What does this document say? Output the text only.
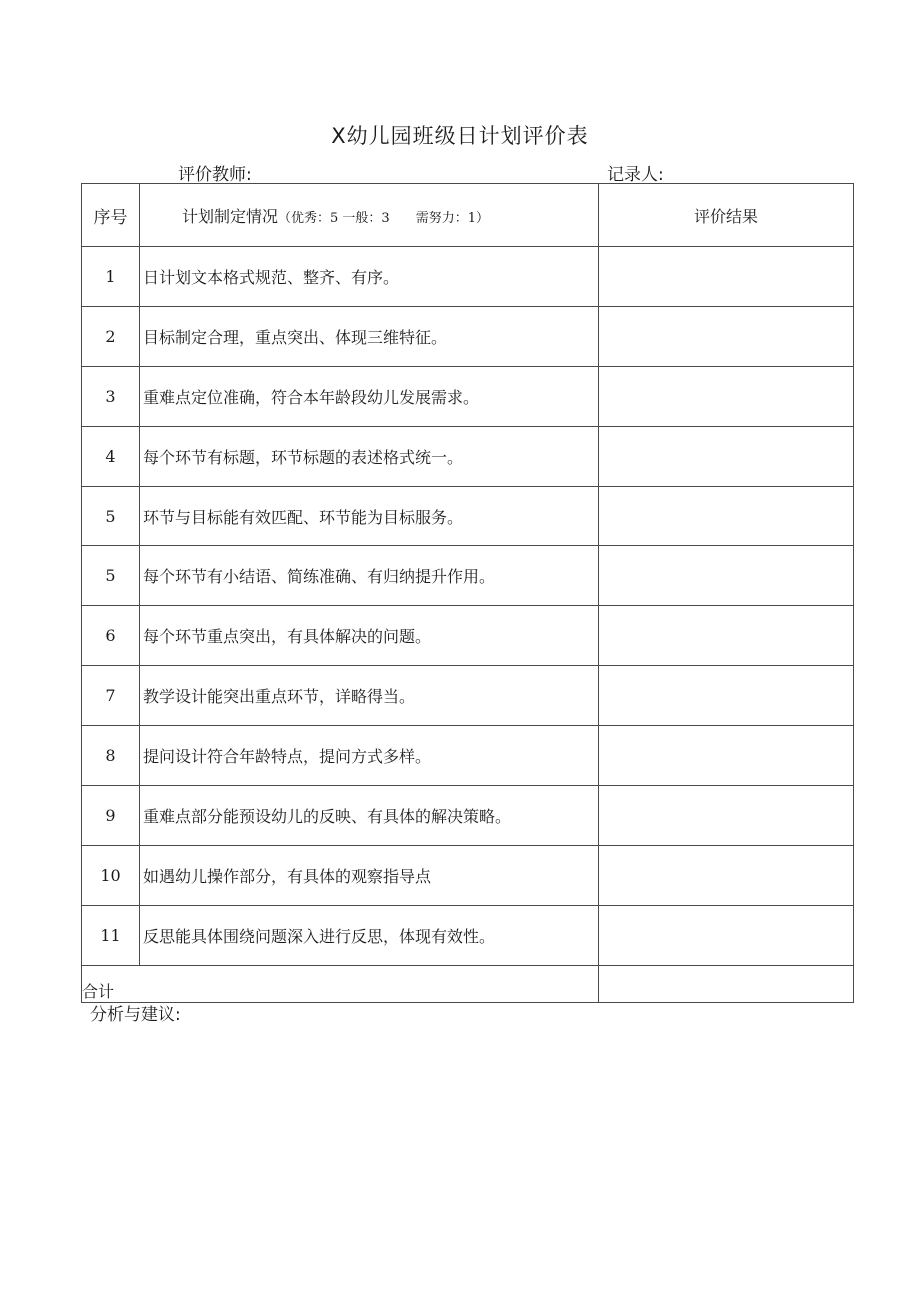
X幼儿园班级日计划评价表
评价教师:	记录人:
序号	计划制定情况（优秀：5 一般：3　　需努力：1）	评价结果
1	日计划文本格式规范、整齐、有序。	
2	目标制定合理，重点突出、体现三维特征。	
3	重难点定位准确，符合本年龄段幼儿发展需求。	
4	每个环节有标题，环节标题的表述格式统一。	
5	环节与目标能有效匹配、环节能为目标服务。	
5	每个环节有小结语、简练准确、有归纳提升作用。	
6	每个环节重点突出，有具体解决的问题。	
7	教学设计能突出重点环节，详略得当。	
8	提问设计符合年龄特点，提问方式多样。	
9	重难点部分能预设幼儿的反映、有具体的解决策略。	
10	如遇幼儿操作部分，有具体的观察指导点	
11	反思能具体围绕问题深入进行反思，体现有效性。	
合计		
分析与建议:
